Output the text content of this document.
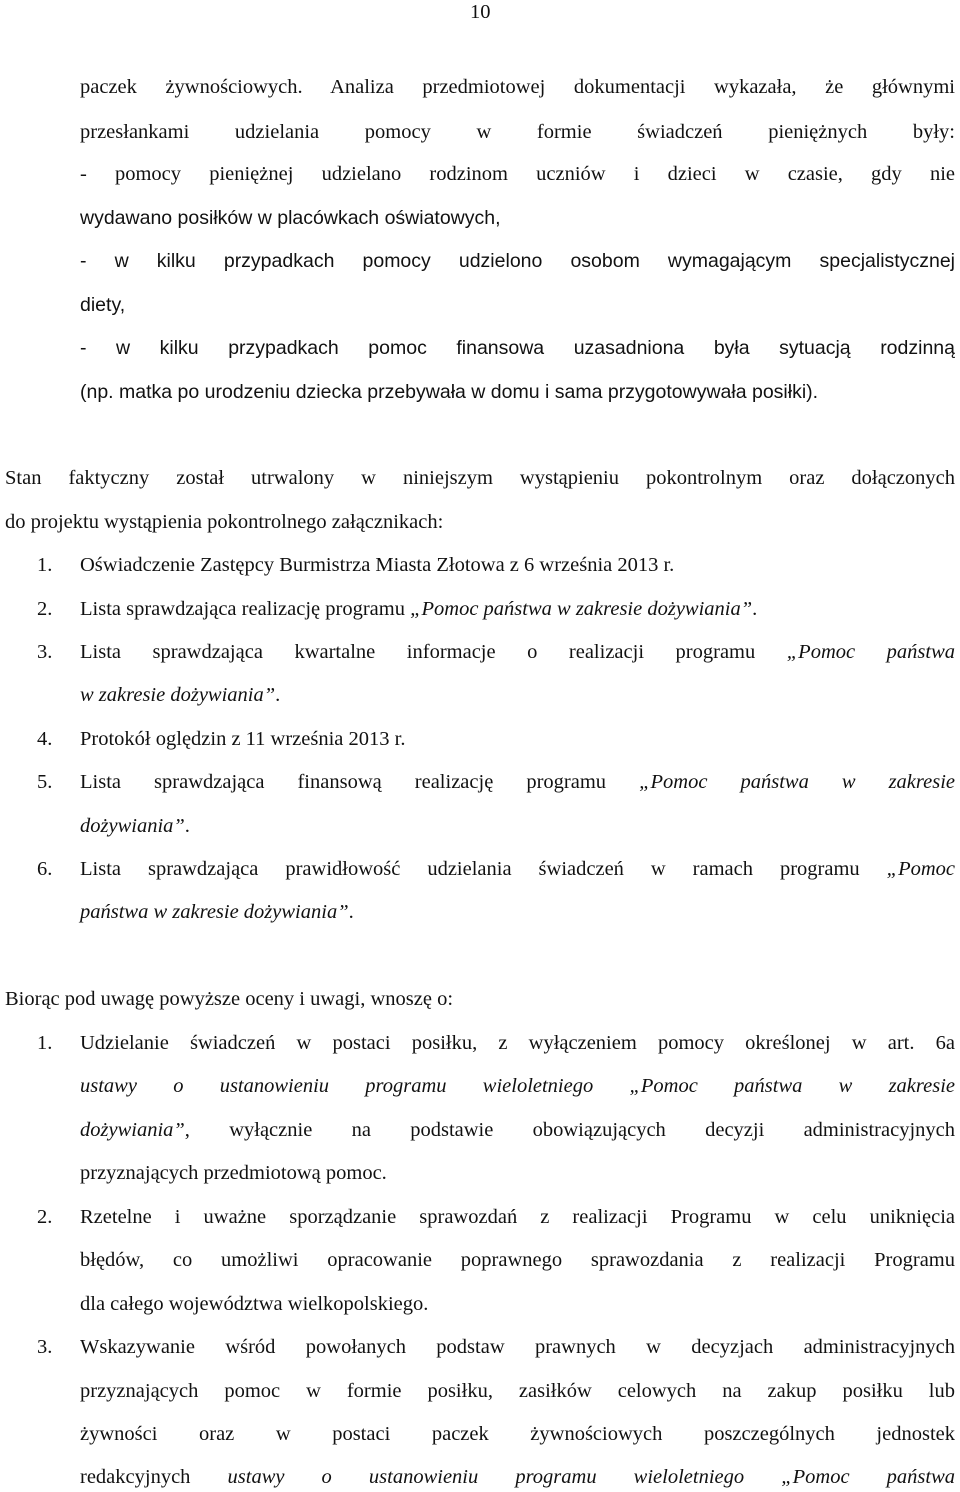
10
paczek żywnościowych. Analiza przedmiotowej dokumentacji wykazała, że głównymi
przesłankami udzielania pomocy w formie świadczeń pieniężnych były:
- pomocy pieniężnej udzielano rodzinom uczniów i dzieci w czasie, gdy nie
wydawano posiłków w placówkach oświatowych,
- w kilku przypadkach pomocy udzielono osobom wymagającym specjalistycznej
diety,
- w kilku przypadkach pomoc finansowa uzasadniona była sytuacją rodzinną
(np. matka po urodzeniu dziecka przebywała w domu i sama przygotowywała posiłki).
Stan faktyczny został utrwalony w niniejszym wystąpieniu pokontrolnym oraz dołączonych
do projektu wystąpienia pokontrolnego załącznikach:
1. Oświadczenie Zastępcy Burmistrza Miasta Złotowa z 6 września 2013 r.
2. Lista sprawdzająca realizację programu „Pomoc państwa w zakresie dożywiania”.
3. Lista sprawdzająca kwartalne informacje o realizacji programu „Pomoc państwa
w zakresie dożywiania”.
4. Protokół oględzin z 11 września 2013 r.
5. Lista sprawdzająca finansową realizację programu „Pomoc państwa w zakresie
dożywiania”.
6. Lista sprawdzająca prawidłowość udzielania świadczeń w ramach programu „Pomoc
państwa w zakresie dożywiania”.
Biorąc pod uwagę powyższe oceny i uwagi, wnoszę o:
1. Udzielanie świadczeń w postaci posiłku, z wyłączeniem pomocy określonej w art. 6a
ustawy o ustanowieniu programu wieloletniego „Pomoc państwa w zakresie
dożywiania”, wyłącznie na podstawie obowiązujących decyzji administracyjnych
przyznających przedmiotową pomoc.
2. Rzetelne i uważne sporządzanie sprawozdań z realizacji Programu w celu uniknięcia
błędów, co umożliwi opracowanie poprawnego sprawozdania z realizacji Programu
dla całego województwa wielkopolskiego.
3. Wskazywanie wśród powołanych podstaw prawnych w decyzjach administracyjnych
przyznających pomoc w formie posiłku, zasiłków celowych na zakup posiłku lub
żywności oraz w postaci paczek żywnościowych poszczególnych jednostek
redakcyjnych ustawy o ustanowieniu programu wieloletniego „Pomoc państwa
